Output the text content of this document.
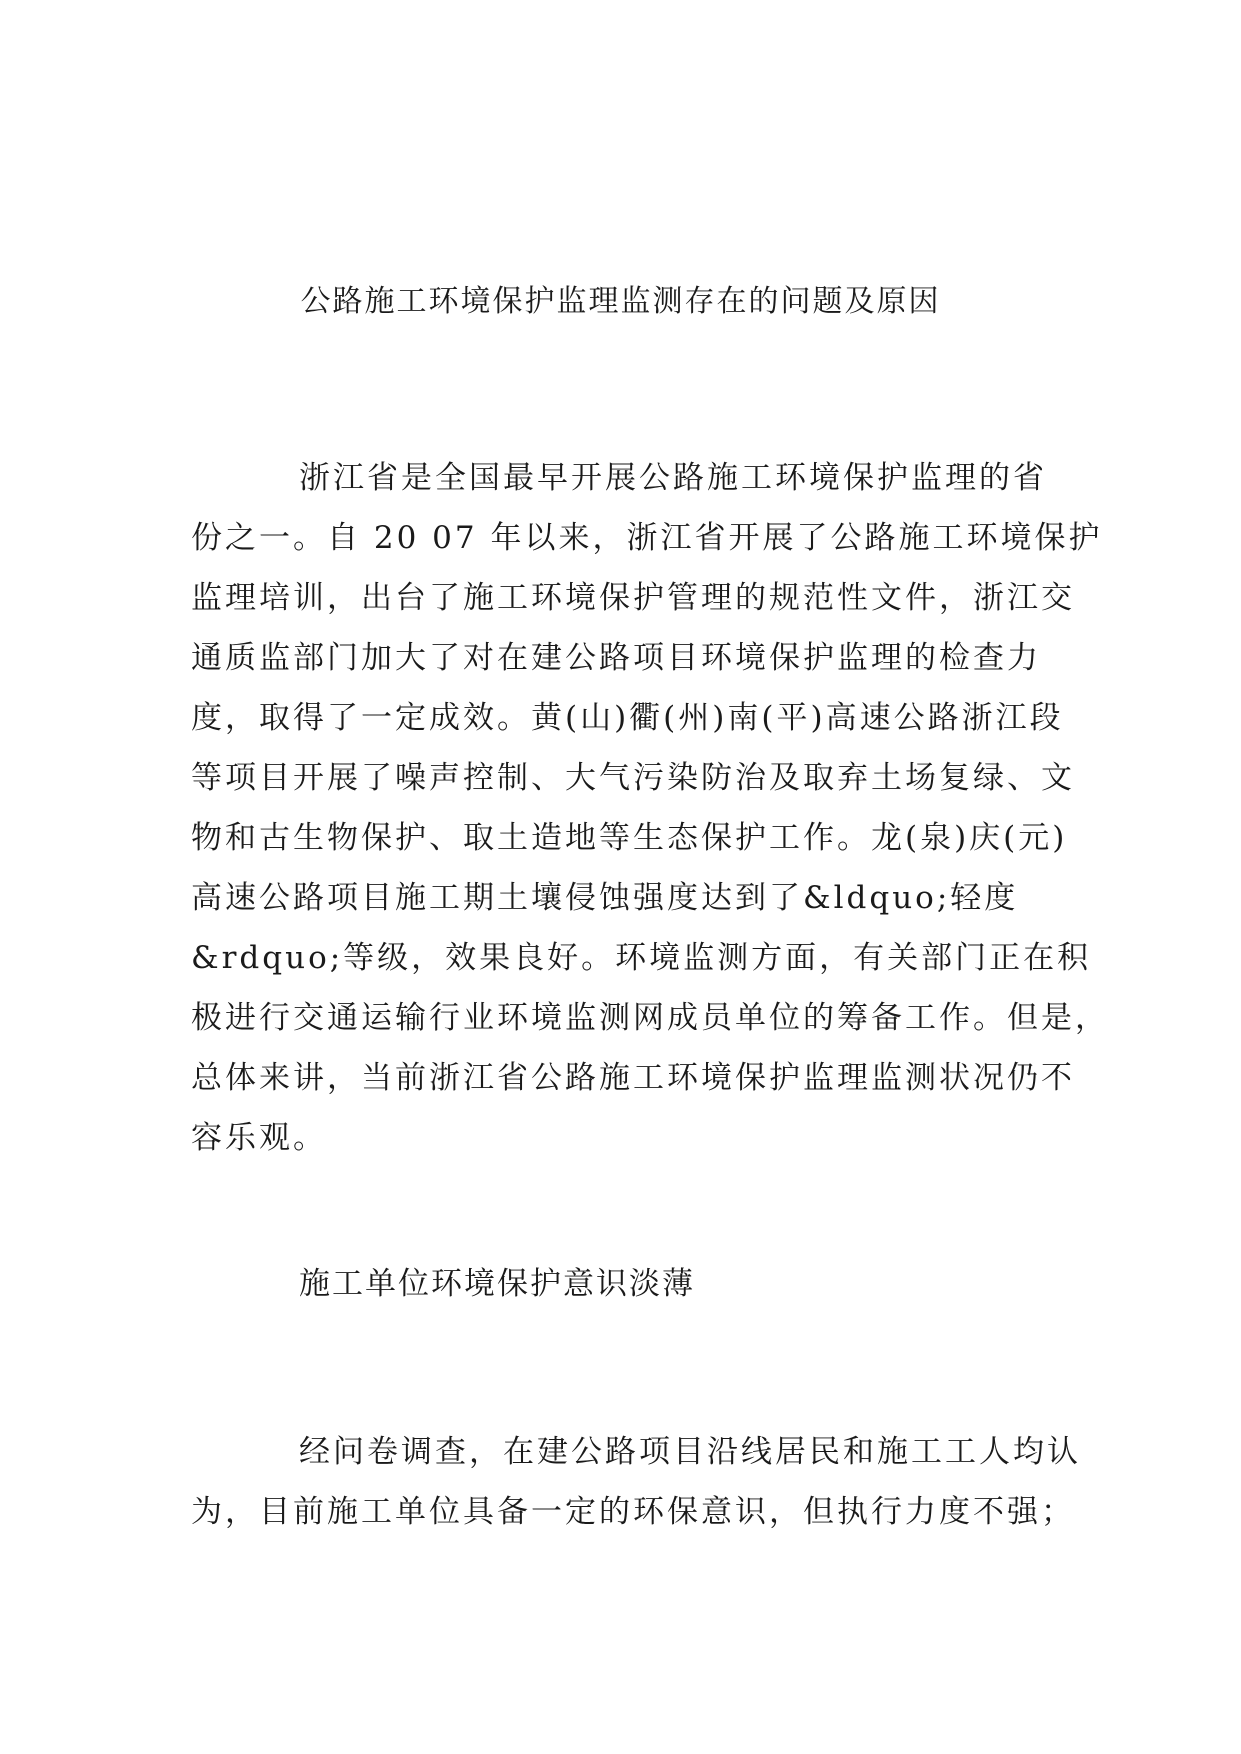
公路施工环境保护监理监测存在的问题及原因
浙江省是全国最早开展公路施工环境保护监理的省
份之一。自 20 07 年以来，浙江省开展了公路施工环境保护
监理培训，出台了施工环境保护管理的规范性文件，浙江交
通质监部门加大了对在建公路项目环境保护监理的检查力
度，取得了一定成效。黄(山)衢(州)南(平)高速公路浙江段
等项目开展了噪声控制、大气污染防治及取弃土场复绿、文
物和古生物保护、取土造地等生态保护工作。龙(泉)庆(元)
高速公路项目施工期土壤侵蚀强度达到了&ldquo;轻度
&rdquo;等级，效果良好。环境监测方面，有关部门正在积
极进行交通运输行业环境监测网成员单位的筹备工作。但是，
总体来讲，当前浙江省公路施工环境保护监理监测状况仍不
容乐观。
施工单位环境保护意识淡薄
经问卷调查，在建公路项目沿线居民和施工工人均认
为，目前施工单位具备一定的环保意识，但执行力度不强；
